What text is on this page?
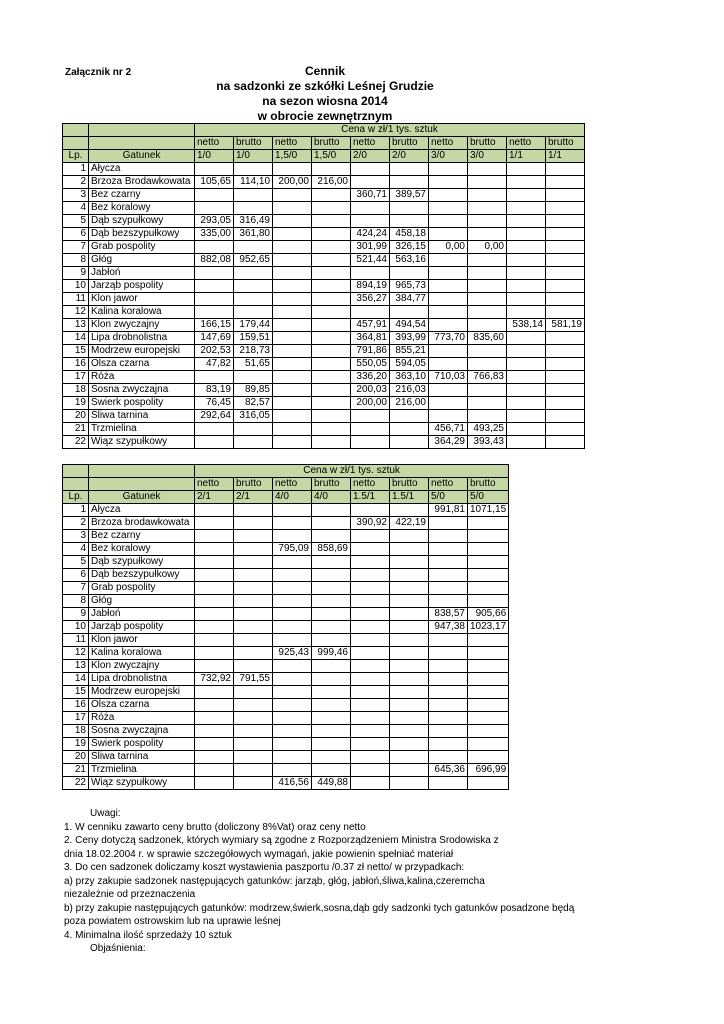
Załącznik nr 2	Cennik
na sadzonki ze szkółki Leśnej Grudzie
na sezon wiosna 2014
w obrocie zewnętrznym
		Cena w zł/1 tys. sztuk									
		netto	brutto	netto	brutto	netto	brutto	netto	brutto	netto	brutto
Lp.	Gatunek	1/0	1/0	1,5/0	1,5/0	2/0	2/0	3/0	3/0	1/1	1/1
1	Ałycza										
2	Brzoza Brodawkowata	105,65	114,10	200,00	216,00						
3	Bez czarny					360,71	389,57				
4	Bez koralowy										
5	Dąb szypułkowy	293,05	316,49								
6	Dąb bezszypułkowy	335,00	361,80			424,24	458,18				
7	Grab pospolity					301,99	326,15	0,00	0,00		
8	Głóg	882,08	952,65			521,44	563,16				
9	Jabłoń										
10	Jarząb pospolity					894,19	965,73				
11	Klon jawor					356,27	384,77				
12	Kalina koralowa										
13	Klon zwyczajny	166,15	179,44			457,91	494,54			538,14	581,19
14	Lipa drobnolistna	147,69	159,51			364,81	393,99	773,70	835,60		
15	Modrzew europejski	202,53	218,73			791,86	855,21				
16	Olsza czarna	47,82	51,65			550,05	594,05				
17	Róża					336,20	363,10	710,03	766,83		
18	Sosna zwyczajna	83,19	89,85			200,03	216,03				
19	Świerk pospolity	76,45	82,57			200,00	216,00				
20	Śliwa tarnina	292,64	316,05								
21	Trzmielina							456,71	493,25		
22	Wiąz szypułkowy							364,29	393,43		
		Cena w zł/1 tys. sztuk							
		netto	brutto	netto	brutto	netto	brutto	netto	brutto
Lp.	Gatunek	2/1	2/1	4/0	4/0	1.5/1	1.5/1	5/0	5/0
1	Ałycza							991,81	1071,15
2	Brzoza brodawkowata					390,92	422,19		
3	Bez czarny								
4	Bez koralowy			795,09	858,69				
5	Dąb szypułkowy								
6	Dąb bezszypułkowy								
7	Grab pospolity								
8	Głóg								
9	Jabłoń							838,57	905,66
10	Jarząb pospolity							947,38	1023,17
11	Klon jawor								
12	Kalina koralowa			925,43	999,46				
13	Klon zwyczajny								
14	Lipa drobnolistna	732,92	791,55						
15	Modrzew europejski								
16	Olsza czarna								
17	Róża								
18	Sosna zwyczajna								
19	Świerk pospolity								
20	Śliwa tarnina								
21	Trzmielina							645,36	696,99
22	Wiąz szypułkowy			416,56	449,88				
Uwagi:
1. W cenniku zawarto ceny brutto (doliczony 8%Vat) oraz ceny netto
2. Ceny dotyczą sadzonek, których wymiary są zgodne z Rozporządzeniem Ministra Srodowiska z
dnia 18.02.2004 r. w sprawie szczegółowych wymagań, jakie powienin spełniać materiał
3. Do cen sadzonek doliczamy koszt wystawienia paszportu /0.37 zł netto/ w przypadkach:
a) przy zakupie sadzonek następujących gatunków: jarząb, głóg, jabłoń,śliwa,kalina,czeremcha
niezależnie od przeznaczenia
b) przy zakupie następujących gatunków: modrzew,świerk,sosna,dąb gdy sadzonki tych gatunków posadzone będą
poza powiatem ostrowskim lub na uprawie leśnej
4. Minimalna ilość sprzedaży 10 sztuk
Objaśnienia:
